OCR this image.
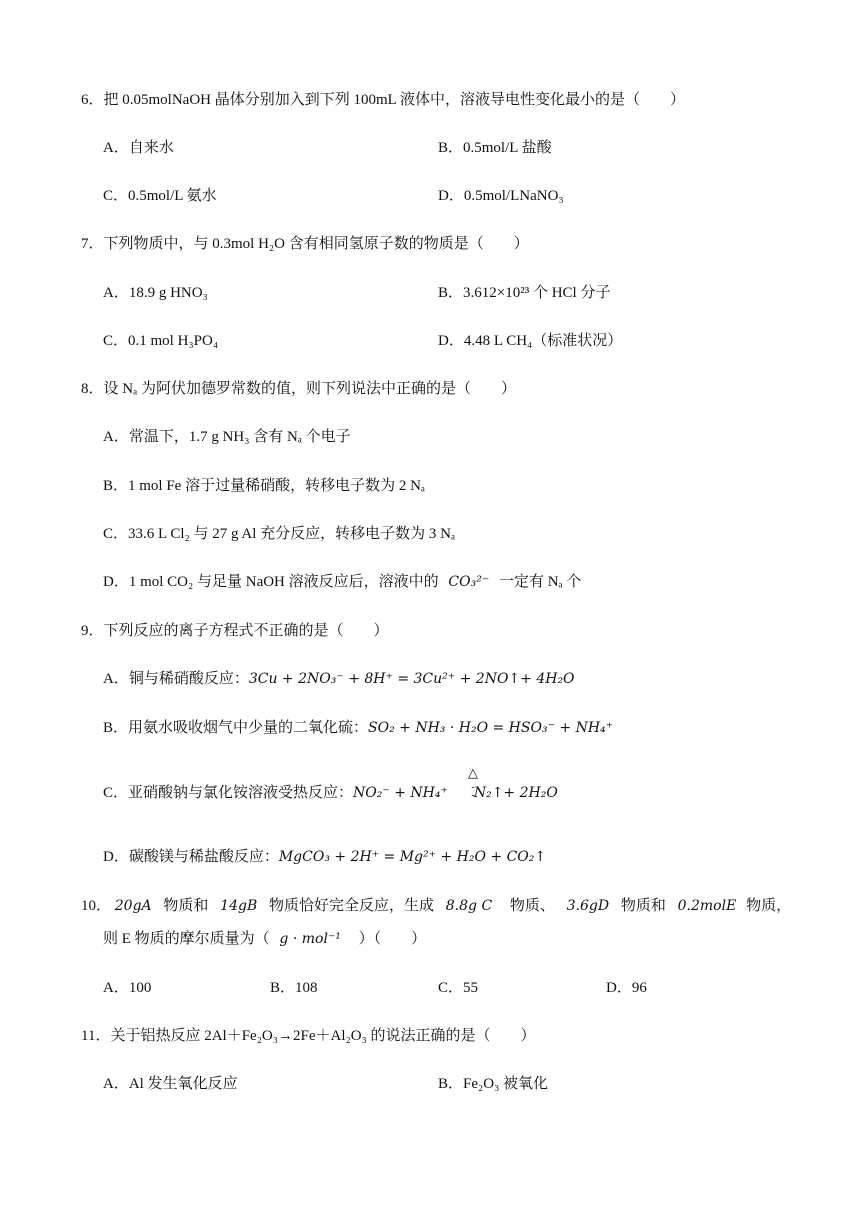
6．把 0.05molNaOH 晶体分别加入到下列 100mL 液体中，溶液导电性变化最小的是（　　）
A．自来水	B．0.5mol/L 盐酸
C．0.5mol/L 氨水	D．0.5mol/LNaNO₃
7．下列物质中，与 0.3mol H₂O 含有相同氢原子数的物质是（　　）
A．18.9 g HNO₃	B．3.612×10²³ 个 HCl 分子
C．0.1 mol H₃PO₄	D．4.48 L CH₄（标准状况）
8．设 Nₐ 为阿伏加德罗常数的值，则下列说法中正确的是（　　）
A．常温下，1.7 g NH₃ 含有 Nₐ 个电子
B．1 mol Fe 溶于过量稀硝酸，转移电子数为 2 Nₐ
C．33.6 L Cl₂ 与 27 g Al 充分反应，转移电子数为 3 Nₐ
D．1 mol CO₂ 与足量 NaOH 溶液反应后，溶液中的 CO₃²⁻ 一定有 Nₐ 个
9．下列反应的离子方程式不正确的是（　　）
A．铜与稀硝酸反应：3Cu + 2NO₃⁻ + 8H⁺ = 3Cu²⁺ + 2NO↑+ 4H₂O
B．用氨水吸收烟气中少量的二氧化硫：SO₂ + NH₃ · H₂O = HSO₃⁻ + NH₄⁺
C．亚硝酸钠与氯化铵溶液受热反应：NO₂⁻ + NH₄⁺ N₂↑+ 2H₂O
△
-
-
D．碳酸镁与稀盐酸反应：MgCO₃ + 2H⁺ = Mg²⁺ + H₂O + CO₂↑
10． 20gA 物质和 14gB 物质恰好完全反应，生成 8.8g C 物质、 3.6gD 物质和 0.2molE 物质，
则 E 物质的摩尔质量为（ g · mol⁻¹ ）（　　）
A．100	B．108	C．55	D．96
11．关于铝热反应 2Al＋Fe₂O₃→2Fe＋Al₂O₃ 的说法正确的是（　　）
A．Al 发生氧化反应	B．Fe₂O₃ 被氧化
